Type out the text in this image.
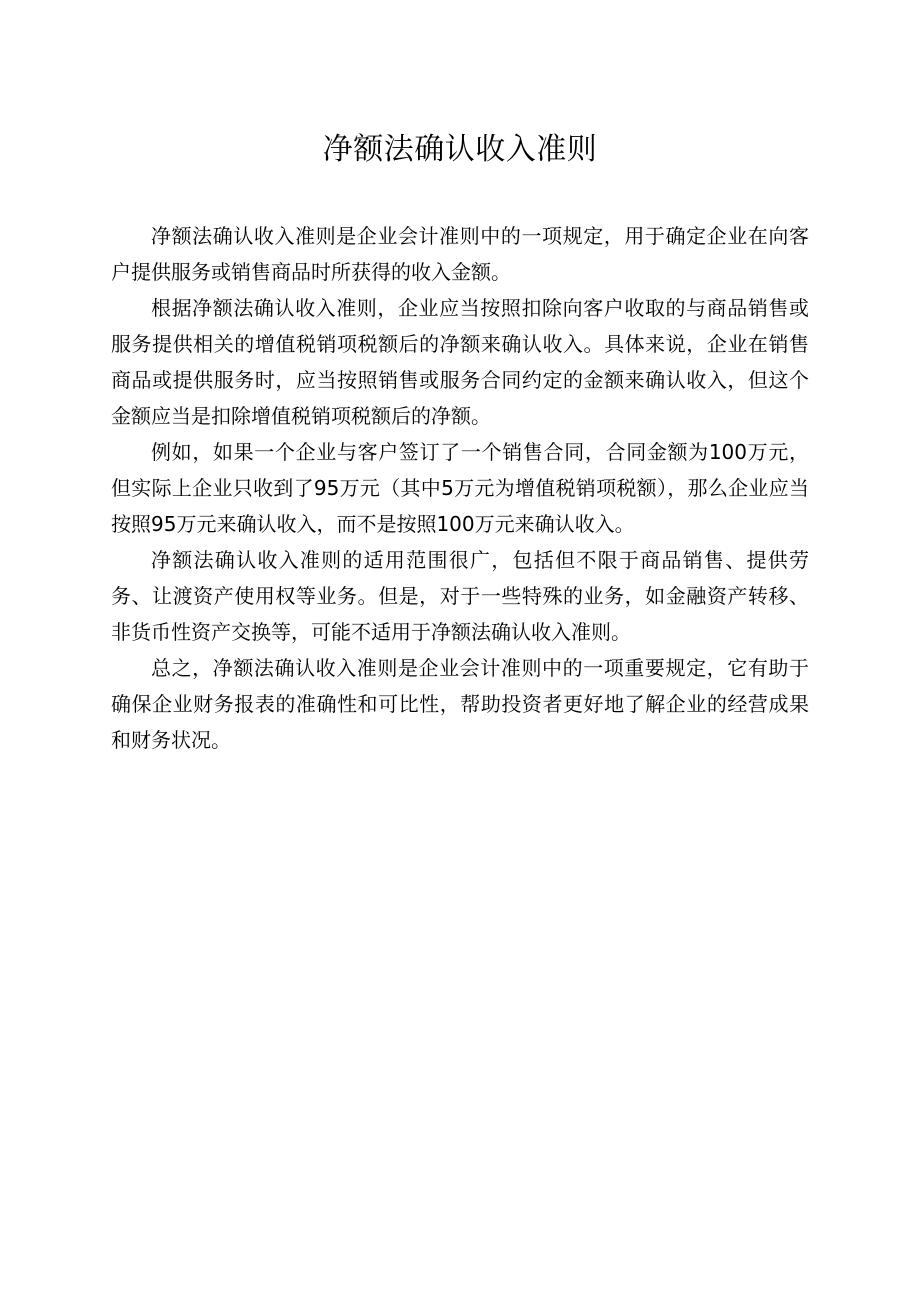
净额法确认收入准则

净额法确认收入准则是企业会计准则中的一项规定，用于确定企业在向客户提供服务或销售商品时所获得的收入金额。

根据净额法确认收入准则，企业应当按照扣除向客户收取的与商品销售或服务提供相关的增值税销项税额后的净额来确认收入。具体来说，企业在销售商品或提供服务时，应当按照销售或服务合同约定的金额来确认收入，但这个金额应当是扣除增值税销项税额后的净额。

例如，如果一个企业与客户签订了一个销售合同，合同金额为100万元，但实际上企业只收到了95万元（其中5万元为增值税销项税额），那么企业应当按照95万元来确认收入，而不是按照100万元来确认收入。

净额法确认收入准则的适用范围很广，包括但不限于商品销售、提供劳务、让渡资产使用权等业务。但是，对于一些特殊的业务，如金融资产转移、非货币性资产交换等，可能不适用于净额法确认收入准则。

总之，净额法确认收入准则是企业会计准则中的一项重要规定，它有助于确保企业财务报表的准确性和可比性，帮助投资者更好地了解企业的经营成果和财务状况。
